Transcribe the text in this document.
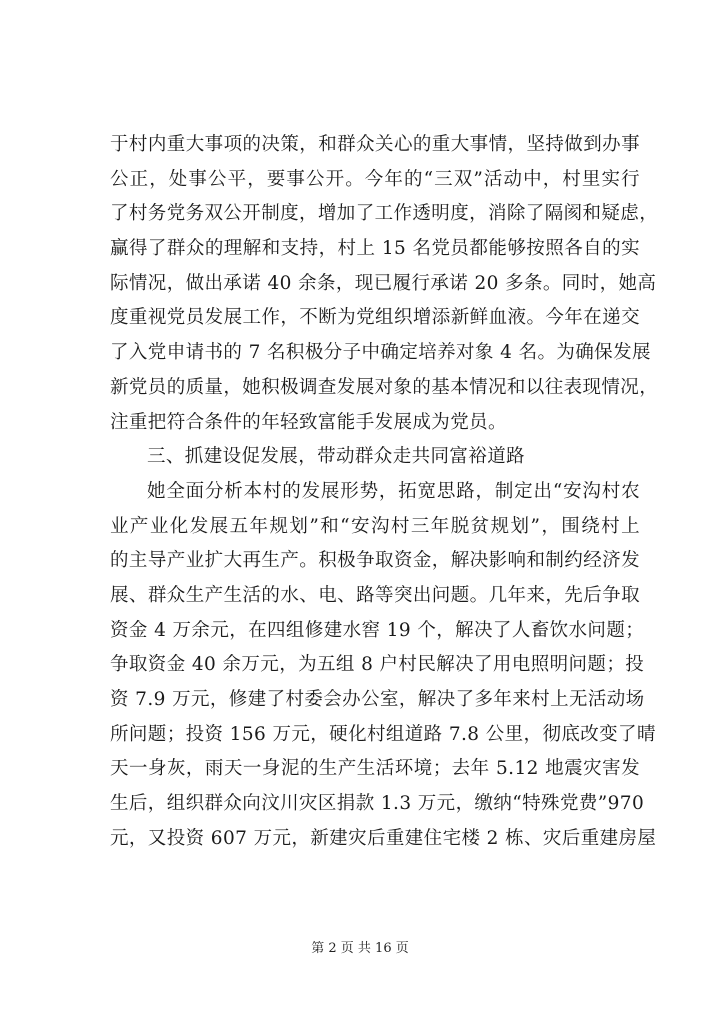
于村内重大事项的决策，和群众关心的重大事情，坚持做到办事
公正，处事公平，要事公开。今年的“三双”活动中，村里实行
了村务党务双公开制度，增加了工作透明度，消除了隔阂和疑虑，
赢得了群众的理解和支持，村上 15 名党员都能够按照各自的实
际情况，做出承诺 40 余条，现已履行承诺 20 多条。同时，她高
度重视党员发展工作，不断为党组织增添新鲜血液。今年在递交
了入党申请书的 7 名积极分子中确定培养对象 4 名。为确保发展
新党员的质量，她积极调查发展对象的基本情况和以往表现情况，
注重把符合条件的年轻致富能手发展成为党员。
三、抓建设促发展，带动群众走共同富裕道路
她全面分析本村的发展形势，拓宽思路，制定出“安沟村农
业产业化发展五年规划”和“安沟村三年脱贫规划”，围绕村上
的主导产业扩大再生产。积极争取资金，解决影响和制约经济发
展、群众生产生活的水、电、路等突出问题。几年来，先后争取
资金 4 万余元，在四组修建水窖 19 个，解决了人畜饮水问题；
争取资金 40 余万元，为五组 8 户村民解决了用电照明问题；投
资 7.9 万元，修建了村委会办公室，解决了多年来村上无活动场
所问题；投资 156 万元，硬化村组道路 7.8 公里，彻底改变了晴
天一身灰，雨天一身泥的生产生活环境；去年 5.12 地震灾害发
生后，组织群众向汶川灾区捐款 1.3 万元，缴纳“特殊党费”970
元，又投资 607 万元，新建灾后重建住宅楼 2 栋、灾后重建房屋
第 2 页 共 16 页
